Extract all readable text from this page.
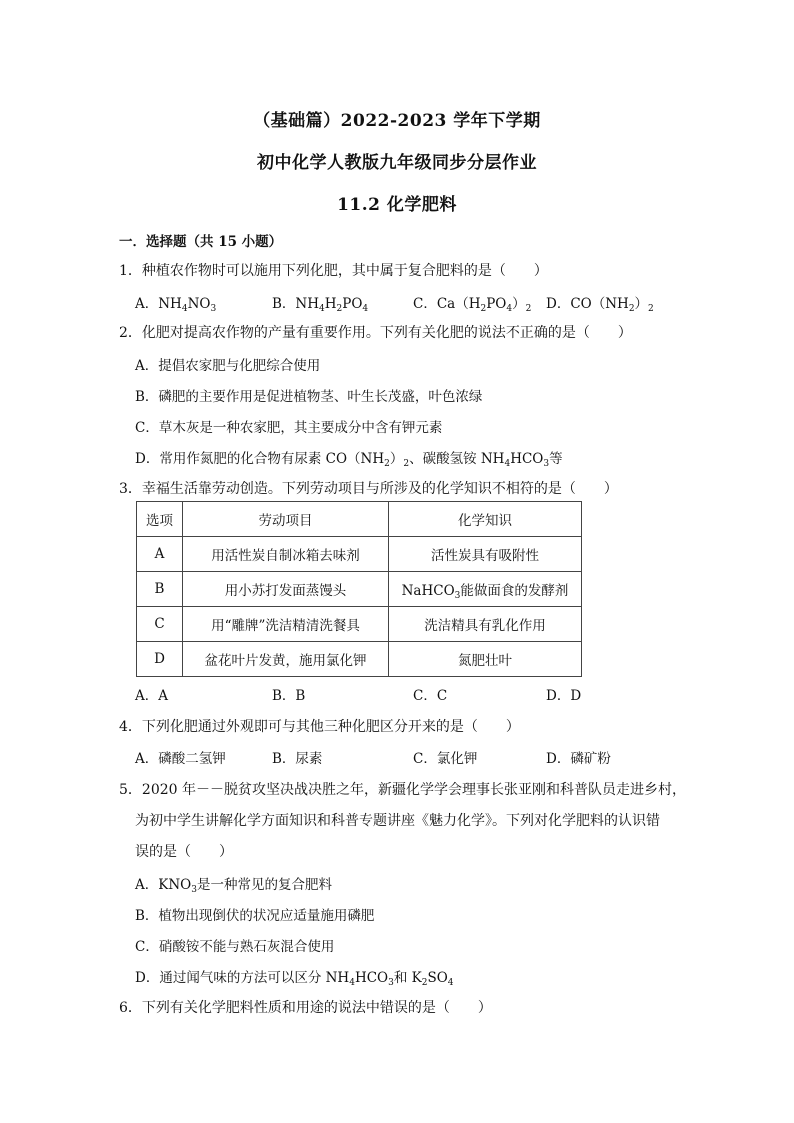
（基础篇）2022-2023 学年下学期
初中化学人教版九年级同步分层作业
11.2 化学肥料
一．选择题（共 15 小题）
1．种植农作物时可以施用下列化肥，其中属于复合肥料的是（　　）
A．$NH_4NO_3$	B．$NH_4H_2PO_4$	C．$Ca(H_2PO_4)_2$ D．$CO(NH_2)_2$
2．化肥对提高农作物的产量有重要作用。下列有关化肥的说法不正确的是（　　）
A．提倡农家肥与化肥综合使用
B．磷肥的主要作用是促进植物茎、叶生长茂盛，叶色浓绿
C．草木灰是一种农家肥，其主要成分中含有钾元素
D．常用作氮肥的化合物有尿素 $CO(NH_2)_2$、碳酸氢铵 $NH_4HCO_3$等
3．幸福生活靠劳动创造。下列劳动项目与所涉及的化学知识不相符的是（　　）
选项	劳动项目	化学知识
A	用活性炭自制冰箱去味剂	活性炭具有吸附性
B	用小苏打发面蒸馒头	NaHCO$_3$能做面食的发酵剂
C	用“雕牌”洗洁精清洗餐具	洗洁精具有乳化作用
D	盆花叶片发黄，施用氯化钾	氮肥壮叶
A．A	B．B	C．C	D．D
4．下列化肥通过外观即可与其他三种化肥区分开来的是（　　）
A．磷酸二氢钾	B．尿素	C．氯化钾	D．磷矿粉
5．2020 年－－脱贫攻坚决战决胜之年，新疆化学学会理事长张亚刚和科普队员走进乡村，
为初中学生讲解化学方面知识和科普专题讲座《魅力化学》。下列对化学肥料的认识错
误的是（　　）
A．$KNO_3$是一种常见的复合肥料
B．植物出现倒伏的状况应适量施用磷肥
C．硝酸铵不能与熟石灰混合使用
D．通过闻气味的方法可以区分 $NH_4HCO_3$和 $K_2SO_4$
6．下列有关化学肥料性质和用途的说法中错误的是（　　）
